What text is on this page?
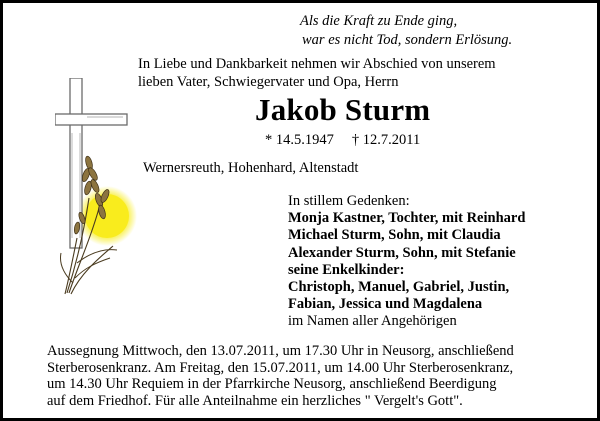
Als die Kraft zu Ende ging,
war es nicht Tod, sondern Erlösung.
In Liebe und Dankbarkeit nehmen wir Abschied von unserem
lieben Vater, Schwiegervater und Opa, Herrn
Jakob Sturm
* 14.5.1947 † 12.7.2011
Wernersreuth, Hohenhard, Altenstadt
In stillem Gedenken:
Monja Kastner, Tochter, mit Reinhard
Michael Sturm, Sohn, mit Claudia
Alexander Sturm, Sohn, mit Stefanie
seine Enkelkinder:
Christoph, Manuel, Gabriel, Justin,
Fabian, Jessica und Magdalena
im Namen aller Angehörigen
Aussegnung Mittwoch, den 13.07.2011, um 17.30 Uhr in Neusorg, anschließend
Sterberosenkranz. Am Freitag, den 15.07.2011, um 14.00 Uhr Sterberosenkranz,
um 14.30 Uhr Requiem in der Pfarrkirche Neusorg, anschließend Beerdigung
auf dem Friedhof. Für alle Anteilnahme ein herzliches " Vergelt's Gott".
